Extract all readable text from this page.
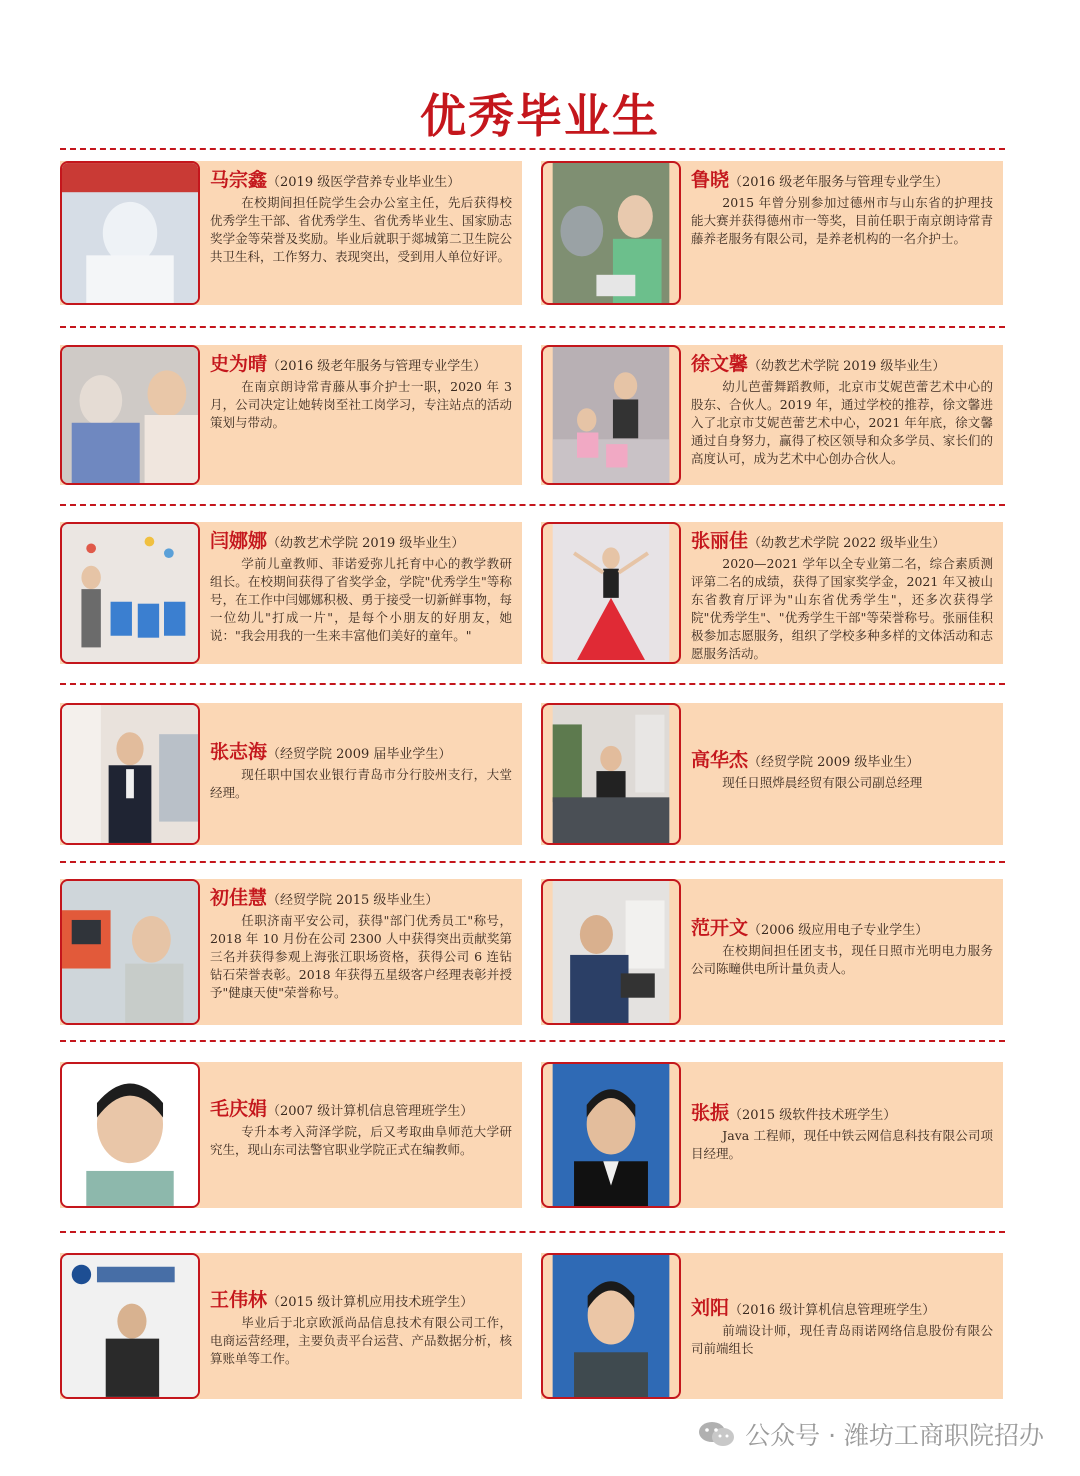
优秀毕业生
马宗鑫（2019 级医学营养专业毕业生）

在校期间担任院学生会办公室主任，先后获得校优秀学生干部、省优秀学生、省优秀毕业生、国家励志奖学金等荣誉及奖励。毕业后就职于郯城第二卫生院公共卫生科，工作努力、表现突出，受到用人单位好评。

鲁晓（2016 级老年服务与管理专业学生）

2015 年曾分别参加过德州市与山东省的护理技能大赛并获得德州市一等奖，目前任职于南京朗诗常青藤养老服务有限公司，是养老机构的一名介护士。

史为晴（2016 级老年服务与管理专业学生）

在南京朗诗常青藤从事介护士一职，2020 年 3 月，公司决定让她转岗至社工岗学习，专注站点的活动策划与带动。

徐文馨（幼教艺术学院 2019 级毕业生）

幼儿芭蕾舞蹈教师，北京市艾妮芭蕾艺术中心的股东、合伙人。2019 年，通过学校的推荐，徐文馨进入了北京市艾妮芭蕾艺术中心，2021 年年底，徐文馨通过自身努力，赢得了校区领导和众多学员、家长们的高度认可，成为艺术中心创办合伙人。

闫娜娜（幼教艺术学院 2019 级毕业生）

学前儿童教师、菲诺爱弥儿托育中心的教学教研组长。在校期间获得了省奖学金，学院"优秀学生"等称号，在工作中闫娜娜积极、勇于接受一切新鲜事物，每一位幼儿"打成一片"，是每个小朋友的好朋友，她说："我会用我的一生来丰富他们美好的童年。"

张丽佳（幼教艺术学院 2022 级毕业生）

2020—2021 学年以全专业第二名，综合素质测评第二名的成绩，获得了国家奖学金，2021 年又被山东省教育厅评为"山东省优秀学生"，还多次获得学院"优秀学生"、"优秀学生干部"等荣誉称号。张丽佳积极参加志愿服务，组织了学校多种多样的文体活动和志愿服务活动。

张志海（经贸学院 2009 届毕业学生）

现任职中国农业银行青岛市分行胶州支行，大堂经理。

高华杰（经贸学院 2009 级毕业生）

现任日照烨晨经贸有限公司副总经理

初佳慧（经贸学院 2015 级毕业生）

任职济南平安公司，获得"部门优秀员工"称号，2018 年 10 月份在公司 2300 人中获得突出贡献奖第三名并获得参观上海张江职场资格，获得公司 6 连钻钻石荣誉表彰。2018 年获得五星级客户经理表彰并授予"健康天使"荣誉称号。

范开文（2006 级应用电子专业学生）

在校期间担任团支书，现任日照市光明电力服务公司陈疃供电所计量负责人。

毛庆娟（2007 级计算机信息管理班学生）

专升本考入菏泽学院，后又考取曲阜师范大学研究生，现山东司法警官职业学院正式在编教师。

张振（2015 级软件技术班学生）

Java 工程师，现任中铁云网信息科技有限公司项目经理。

王伟林（2015 级计算机应用技术班学生）

毕业后于北京欧派尚品信息技术有限公司工作，电商运营经理，主要负责平台运营、产品数据分析，核算账单等工作。

刘阳（2016 级计算机信息管理班学生）

前端设计师，现任青岛雨诺网络信息股份有限公司前端组长

公众号 · 潍坊工商职院招办
